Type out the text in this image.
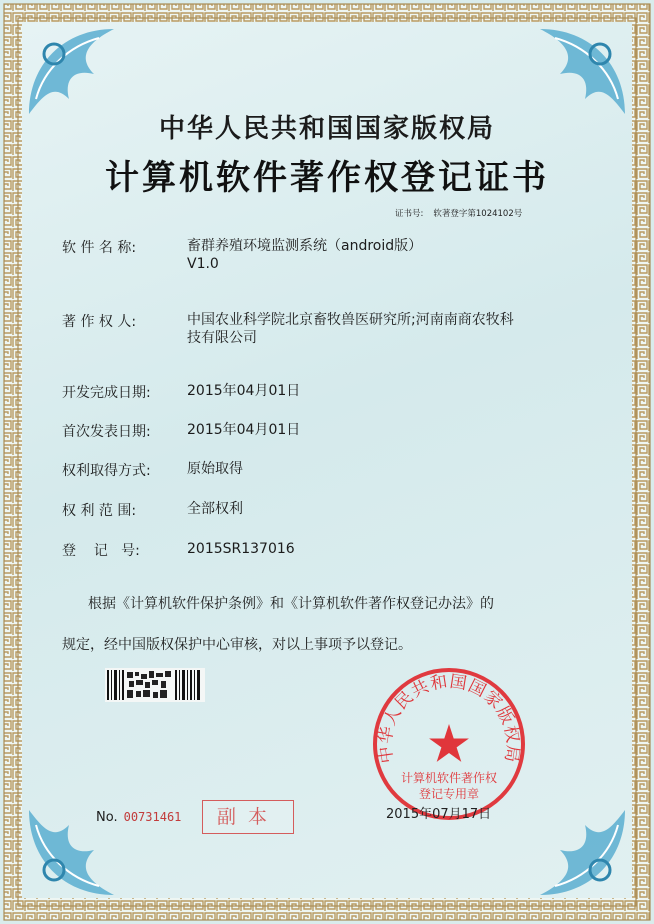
中华人民共和国国家版权局
计算机软件著作权登记证书
证书号: 软著登字第1024102号
软 件 名 称:	畜群养殖环境监测系统（android版）
V1.0
著 作 权 人:	中国农业科学院北京畜牧兽医研究所;河南南商农牧科
技有限公司
开发完成日期:	2015年04月01日
首次发表日期:	2015年04月01日
权利取得方式:	原始取得
权 利 范 围:	全部权利
登    记   号:	2015SR137016
根据《计算机软件保护条例》和《计算机软件著作权登记办法》的
规定，经中国版权保护中心审核，对以上事项予以登记。
中华人民共和国国家版权局
计算机软件著作权
登记专用章
No. 00731461	副本	2015年07月17日
